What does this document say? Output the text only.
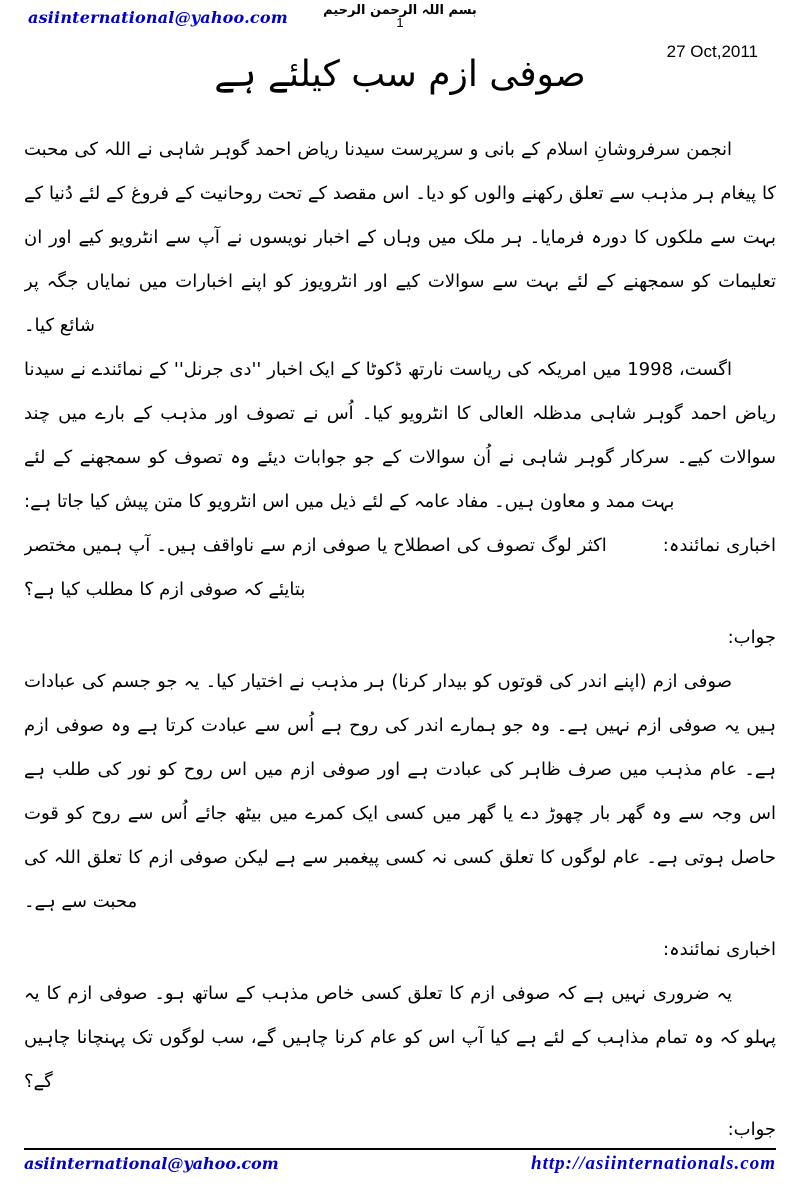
asiinternational@yahoo.com	بسم اللہ الرحمن الرحیم
1
27 Oct,2011
صوفی ازم سب کیلئے ہے

انجمن سرفروشانِ اسلام کے بانی و سرپرست سیدنا ریاض احمد گوہر شاہی نے اللہ کی محبت کا پیغام ہر مذہب سے تعلق رکھنے والوں کو دیا۔ اس مقصد کے تحت روحانیت کے فروغ کے لئے دُنیا کے بہت سے ملکوں کا دورہ فرمایا۔ ہر ملک میں وہاں کے اخبار نویسوں نے آپ سے انٹرویو کیے اور ان تعلیمات کو سمجھنے کے لئے بہت سے سوالات کیے اور انٹرویوز کو اپنے اخبارات میں نمایاں جگہ پر شائع کیا۔

اگست، 1998 میں امریکہ کی ریاست نارتھ ڈکوٹا کے ایک اخبار ''دی جرنل'' کے نمائندے نے سیدنا ریاض احمد گوہر شاہی مدظلہ العالی کا انٹرویو کیا۔ اُس نے تصوف اور مذہب کے بارے میں چند سوالات کیے۔ سرکار گوہر شاہی نے اُن سوالات کے جو جوابات دیئے وہ تصوف کو سمجھنے کے لئے بہت ممد و معاون ہیں۔ مفاد عامہ کے لئے ذیل میں اس انٹرویو کا متن پیش کیا جاتا ہے:

اخباری نمائندہ:اکثر لوگ تصوف کی اصطلاح یا صوفی ازم سے ناواقف ہیں۔ آپ ہمیں مختصر بتایئے کہ صوفی ازم کا مطلب کیا ہے؟

جواب:

صوفی ازم (اپنے اندر کی قوتوں کو بیدار کرنا) ہر مذہب نے اختیار کیا۔ یہ جو جسم کی عبادات ہیں یہ صوفی ازم نہیں ہے۔ وہ جو ہمارے اندر کی روح ہے اُس سے عبادت کرتا ہے وہ صوفی ازم ہے۔ عام مذہب میں صرف ظاہر کی عبادت ہے اور صوفی ازم میں اس روح کو نور کی طلب ہے اس وجہ سے وہ گھر بار چھوڑ دے یا گھر میں کسی ایک کمرے میں بیٹھ جائے اُس سے روح کو قوت حاصل ہوتی ہے۔ عام لوگوں کا تعلق کسی نہ کسی پیغمبر سے ہے لیکن صوفی ازم کا تعلق اللہ کی محبت سے ہے۔

اخباری نمائندہ:

یہ ضروری نہیں ہے کہ صوفی ازم کا تعلق کسی خاص مذہب کے ساتھ ہو۔ صوفی ازم کا یہ پہلو کہ وہ تمام مذاہب کے لئے ہے کیا آپ اس کو عام کرنا چاہیں گے، سب لوگوں تک پہنچانا چاہیں گے؟

جواب:

asiinternational@yahoo.com	http://asiinternationals.com
